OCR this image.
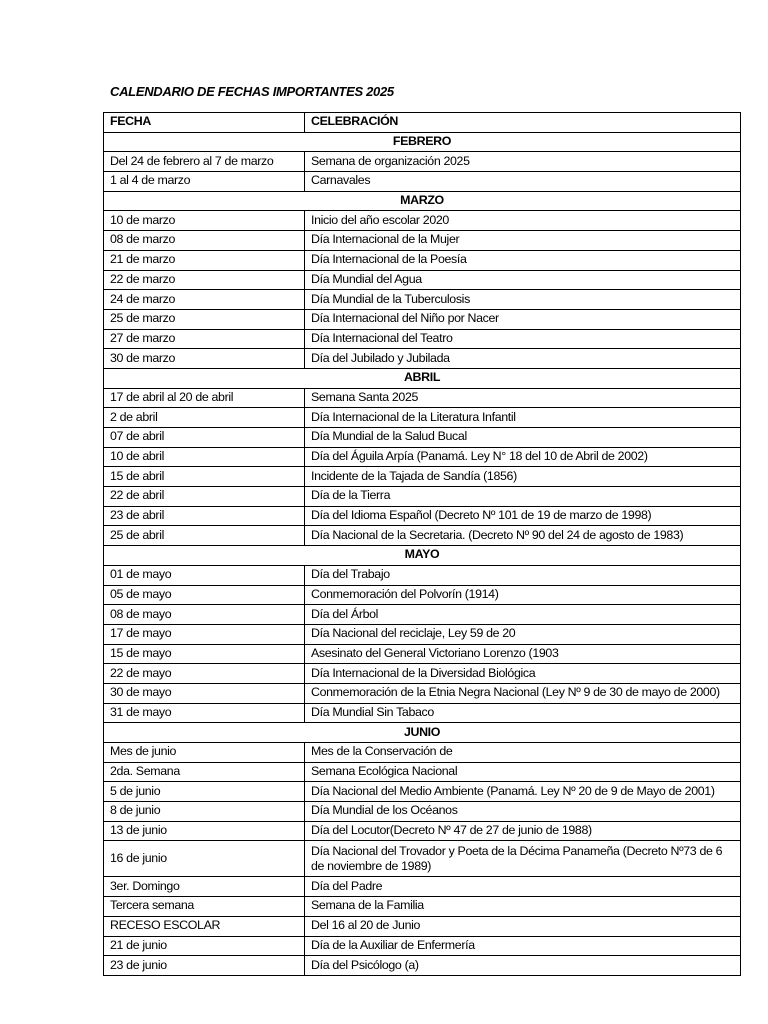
CALENDARIO DE FECHAS IMPORTANTES 2025
FECHA	CELEBRACIÓN
FEBRERO	
Del 24 de febrero al 7 de marzo	Semana de organización 2025
1 al 4 de marzo	Carnavales
MARZO	
10 de marzo	Inicio del año escolar 2020
08 de marzo	Día Internacional de la Mujer
21 de marzo	Día Internacional de la Poesía
22 de marzo	Día Mundial del Agua
24 de marzo	Día Mundial de la Tuberculosis
25 de marzo	Día Internacional del Niño por Nacer
27 de marzo	Día Internacional del Teatro
30 de marzo	Día del Jubilado y Jubilada
ABRIL	
17 de abril al 20 de abril	Semana Santa 2025
2 de abril	Día Internacional de la Literatura Infantil
07 de abril	Día Mundial de la Salud Bucal
10 de abril	Día del Águila Arpía (Panamá. Ley N° 18 del 10 de Abril de 2002)
15 de abril	Incidente de la Tajada de Sandía (1856)
22 de abril	Día de la Tierra
23 de abril	Día del Idioma Español (Decreto Nº 101 de 19 de marzo de 1998)
25 de abril	Día Nacional de la Secretaria. (Decreto Nº 90 del 24 de agosto de 1983)
MAYO	
01 de mayo	Día del Trabajo
05 de mayo	Conmemoración del Polvorín (1914)
08 de mayo	Día del Árbol
17 de mayo	Día Nacional del reciclaje, Ley 59 de 20
15 de mayo	Asesinato del General Victoriano Lorenzo (1903
22 de mayo	Día Internacional de la Diversidad Biológica
30 de mayo	Conmemoración de la Etnia Negra Nacional (Ley Nº 9 de 30 de mayo de 2000)
31 de mayo	Día Mundial Sin Tabaco
JUNIO	
Mes de junio	Mes de la Conservación de
2da. Semana	Semana Ecológica Nacional
5 de junio	Día Nacional del Medio Ambiente (Panamá. Ley Nº 20 de 9 de Mayo de 2001)
8 de junio	Día Mundial de los Océanos
13 de junio	Día del Locutor(Decreto Nº 47 de 27 de junio de 1988)
16 de junio	Día Nacional del Trovador y Poeta de la Décima Panameña (Decreto Nº73 de 6 de noviembre de 1989)
3er. Domingo	Día del Padre
Tercera semana	Semana de la Familia
RECESO ESCOLAR	Del 16 al 20 de Junio
21 de junio	Día de la Auxiliar de Enfermería
23 de junio	Día del Psicólogo (a)
